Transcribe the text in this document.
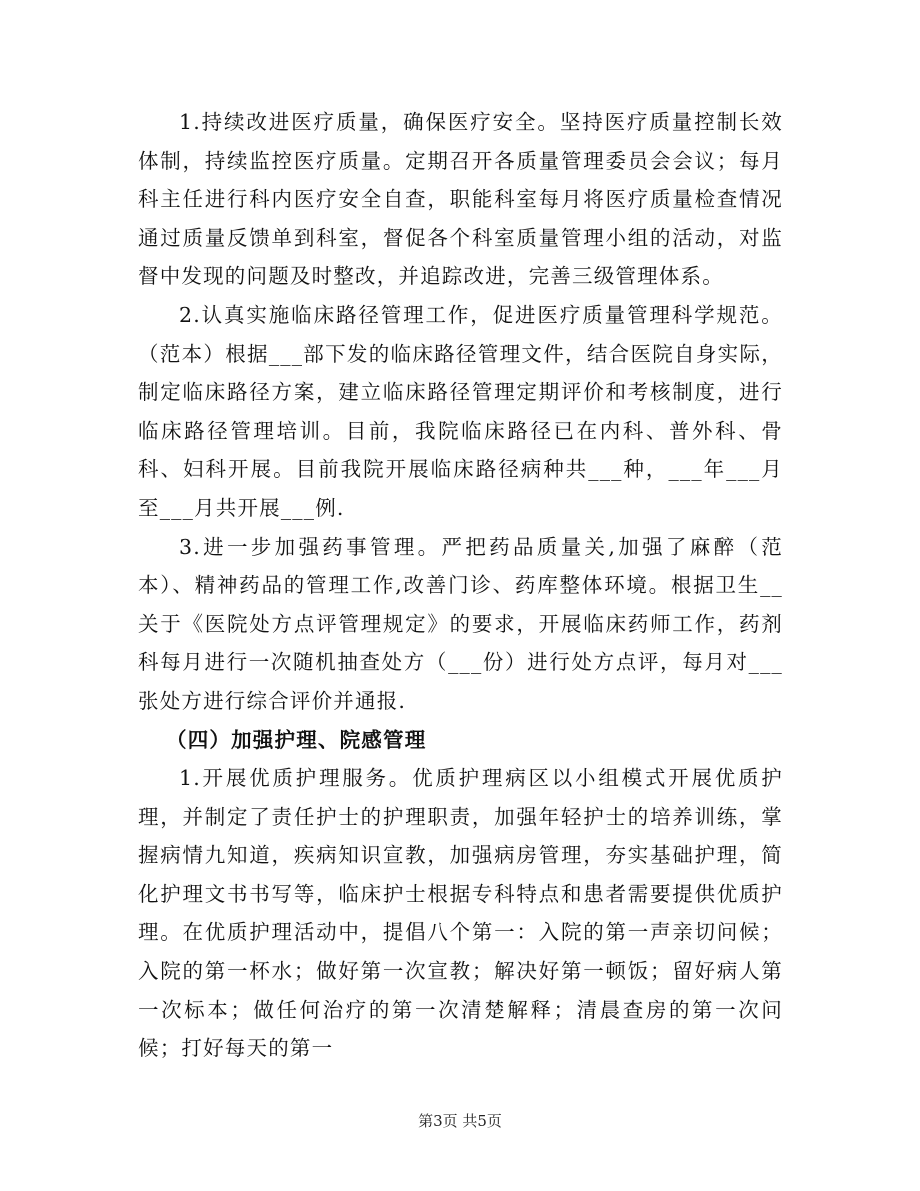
1.持续改进医疗质量，确保医疗安全。坚持医疗质量控制长效体制，持续监控医疗质量。定期召开各质量管理委员会会议；每月科主任进行科内医疗安全自查，职能科室每月将医疗质量检查情况通过质量反馈单到科室，督促各个科室质量管理小组的活动，对监督中发现的问题及时整改，并追踪改进，完善三级管理体系。

2.认真实施临床路径管理工作，促进医疗质量管理科学规范。（范本）根据___部下发的临床路径管理文件，结合医院自身实际，制定临床路径方案，建立临床路径管理定期评价和考核制度，进行临床路径管理培训。目前，我院临床路径已在内科、普外科、骨科、妇科开展。目前我院开展临床路径病种共___种，___年___月至___月共开展___例.

3.进一步加强药事管理。严把药品质量关,加强了麻醉（范本）、精神药品的管理工作,改善门诊、药库整体环境。根据卫生__关于《医院处方点评管理规定》的要求，开展临床药师工作，药剂科每月进行一次随机抽查处方（___份）进行处方点评，每月对___张处方进行综合评价并通报.

（四）加强护理、院感管理

1.开展优质护理服务。优质护理病区以小组模式开展优质护理，并制定了责任护士的护理职责，加强年轻护士的培养训练，掌握病情九知道，疾病知识宣教，加强病房管理，夯实基础护理，简化护理文书书写等，临床护士根据专科特点和患者需要提供优质护理。在优质护理活动中，提倡八个第一：入院的第一声亲切问候；入院的第一杯水；做好第一次宣教；解决好第一顿饭；留好病人第一次标本；做任何治疗的第一次清楚解释；清晨查房的第一次问候；打好每天的第一

第3页 共5页
